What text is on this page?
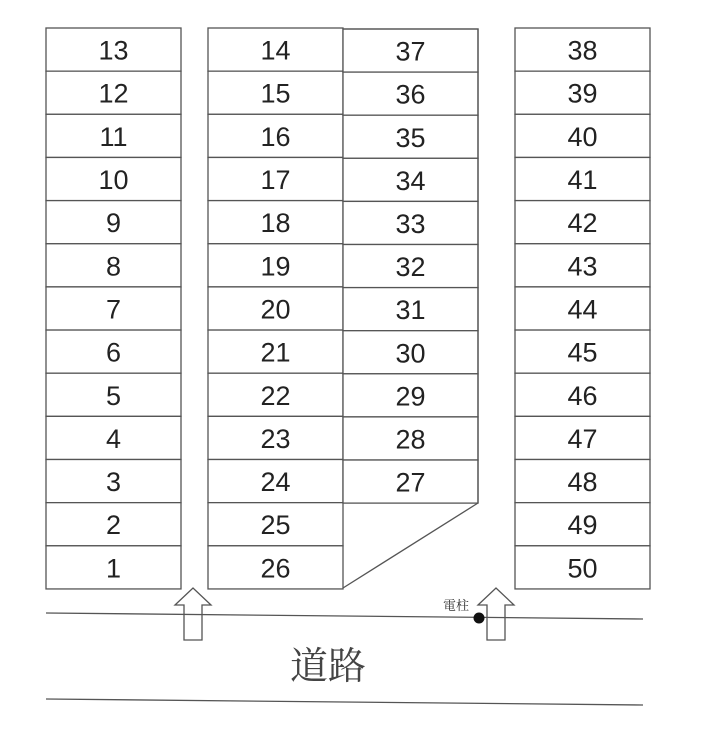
13
12
11
10
9
8
7
6
5
4
3
2
1
14
15
16
17
18
19
20
21
22
23
24
25
26
37
36
35
34
33
32
31
30
29
28
27
38
39
40
41
42
43
44
45
46
47
48
49
50
電柱
道路
